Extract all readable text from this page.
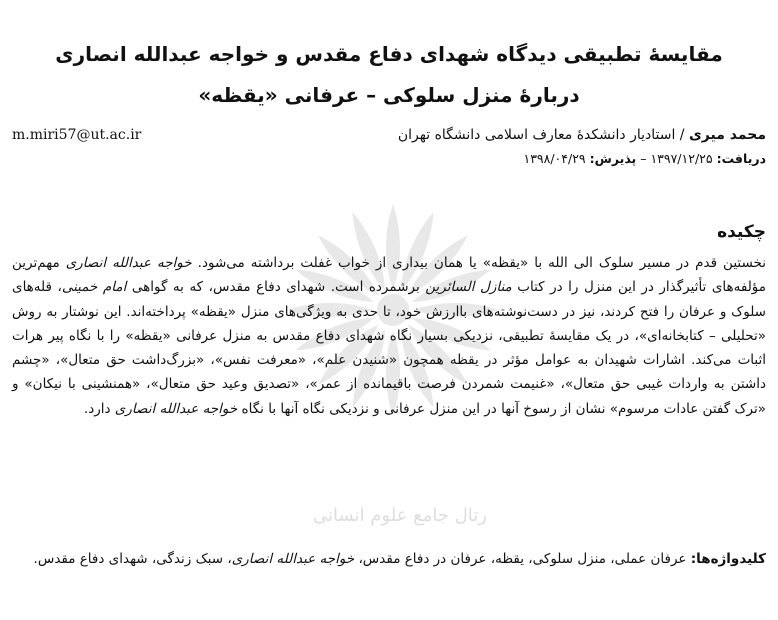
رتال جامع علوم انسانی
مقایسهٔ تطبیقی دیدگاه شهدای دفاع مقدس و خواجه عبدالله انصاری
دربارهٔ منزل سلوکی – عرفانی «یقظه»
محمد میری / استادیار دانشکدهٔ معارف اسلامی دانشگاه تهران
m.miri57@ut.ac.ir
دریافت: ۱۳۹۷/۱۲/۲۵ – پذیرش: ۱۳۹۸/۰۴/۲۹
چکیده
نخستین قدم در مسیر سلوک الی الله با «یقظه» یا همان بیداری از خواب غفلت برداشته می‌شود. خواجه عبدالله انصاری مهم‌ترین مؤلفه‌های تأثیرگذار در این منزل را در کتاب منازل السائرین برشمرده است. شهدای دفاع مقدس، که به گواهی امام خمینی، قله‌های سلوک و عرفان را فتح کردند، نیز در دست‌نوشته‌های باارزش خود، تا حدی به ویژگی‌های منزل «یقظه» پرداخته‌اند. این نوشتار به روش «تحلیلی – کتابخانه‌ای»، در یک مقایسهٔ تطبیقی، نزدیکی بسیار نگاه شهدای دفاع مقدس به منزل عرفانی «یقظه» را با نگاه پیر هرات اثبات می‌کند. اشارات شهیدان به عوامل مؤثر در یقظه همچون «شنیدن علم»، «معرفت نفس»، «بزرگ‌داشت حق متعال»، «چشم داشتن به واردات غیبی حق متعال»، «غنیمت شمردن فرصت باقیمانده از عمر»، «تصدیق وعید حق متعال»، «همنشینی با نیکان» و «ترک گفتن عادات مرسوم» نشان از رسوخ آنها در این منزل عرفانی و نزدیکی نگاه آنها با نگاه خواجه عبدالله انصاری دارد.
کلیدواژه‌ها: عرفان عملی، منزل سلوکی، یقظه، عرفان در دفاع مقدس، خواجه عبدالله انصاری، سبک زندگی، شهدای دفاع مقدس.
